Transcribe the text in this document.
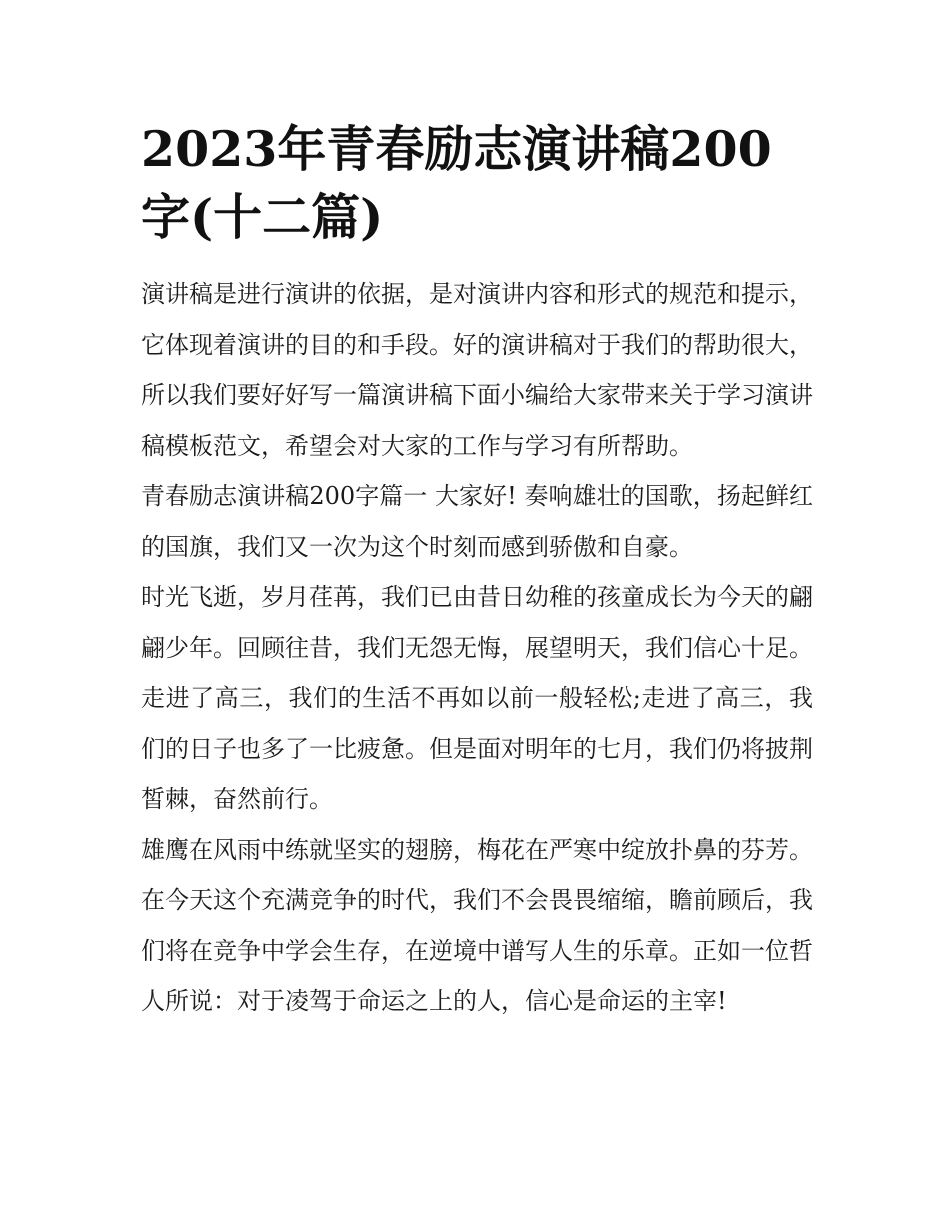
2023年青春励志演讲稿200字(十二篇)

演讲稿是进行演讲的依据，是对演讲内容和形式的规范和提示，它体现着演讲的目的和手段。好的演讲稿对于我们的帮助很大，所以我们要好好写一篇演讲稿下面小编给大家带来关于学习演讲稿模板范文，希望会对大家的工作与学习有所帮助。

青春励志演讲稿200字篇一 大家好! 奏响雄壮的国歌，扬起鲜红的国旗，我们又一次为这个时刻而感到骄傲和自豪。

时光飞逝，岁月荏苒，我们已由昔日幼稚的孩童成长为今天的翩翩少年。回顾往昔，我们无怨无悔，展望明天，我们信心十足。走进了高三，我们的生活不再如以前一般轻松;走进了高三，我们的日子也多了一比疲惫。但是面对明年的七月，我们仍将披荆皙棘，奋然前行。

雄鹰在风雨中练就坚实的翅膀，梅花在严寒中绽放扑鼻的芬芳。在今天这个充满竞争的时代，我们不会畏畏缩缩，瞻前顾后，我们将在竞争中学会生存，在逆境中谱写人生的乐章。正如一位哲人所说：对于凌驾于命运之上的人，信心是命运的主宰!
